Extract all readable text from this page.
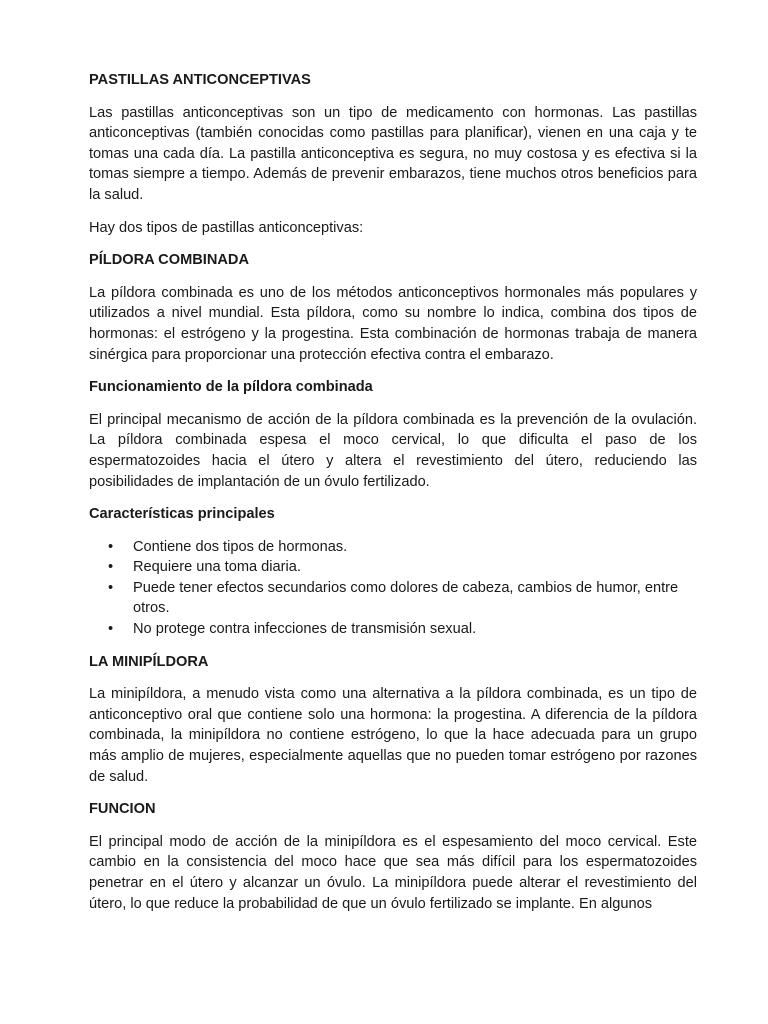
PASTILLAS ANTICONCEPTIVAS

Las pastillas anticonceptivas son un tipo de medicamento con hormonas. Las pastillas anticonceptivas (también conocidas como pastillas para planificar), vienen en una caja y te tomas una cada día. La pastilla anticonceptiva es segura, no muy costosa y es efectiva si la tomas siempre a tiempo. Además de prevenir embarazos, tiene muchos otros beneficios para la salud.

Hay dos tipos de pastillas anticonceptivas:

PÍLDORA COMBINADA

La píldora combinada es uno de los métodos anticonceptivos hormonales más populares y utilizados a nivel mundial. Esta píldora, como su nombre lo indica, combina dos tipos de hormonas: el estrógeno y la progestina. Esta combinación de hormonas trabaja de manera sinérgica para proporcionar una protección efectiva contra el embarazo.

Funcionamiento de la píldora combinada

El principal mecanismo de acción de la píldora combinada es la prevención de la ovulación. La píldora combinada espesa el moco cervical, lo que dificulta el paso de los espermatozoides hacia el útero y altera el revestimiento del útero, reduciendo las posibilidades de implantación de un óvulo fertilizado.

Características principales

• Contiene dos tipos de hormonas.
• Requiere una toma diaria.
• Puede tener efectos secundarios como dolores de cabeza, cambios de humor, entre otros.
• No protege contra infecciones de transmisión sexual.

LA MINIPÍLDORA

La minipíldora, a menudo vista como una alternativa a la píldora combinada, es un tipo de anticonceptivo oral que contiene solo una hormona: la progestina. A diferencia de la píldora combinada, la minipíldora no contiene estrógeno, lo que la hace adecuada para un grupo más amplio de mujeres, especialmente aquellas que no pueden tomar estrógeno por razones de salud.

FUNCION

El principal modo de acción de la minipíldora es el espesamiento del moco cervical. Este cambio en la consistencia del moco hace que sea más difícil para los espermatozoides penetrar en el útero y alcanzar un óvulo. La minipíldora puede alterar el revestimiento del útero, lo que reduce la probabilidad de que un óvulo fertilizado se implante. En algunos
